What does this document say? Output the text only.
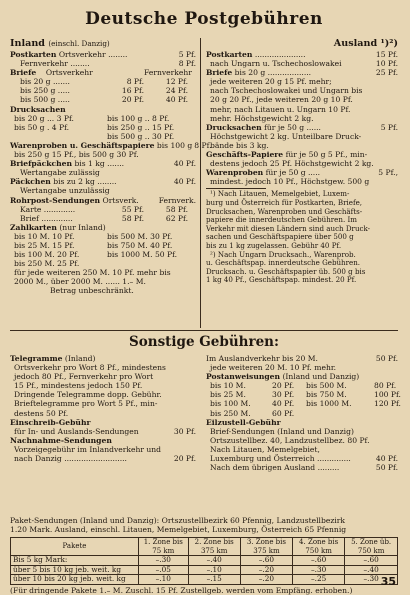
Deutsche Postgebühren
Inland (einschl. Danzig)
Postkarten Ortsverkehr ........	5 Pf.
Fernverkehr ........	8 Pf.
Briefe Ortsverkehr	Fernverkehr
bis 20 g .......	8 Pf.	12 Pf.
bis 250 g .....	16 Pf.	24 Pf.
bis 500 g .....	20 Pf.	40 Pf.
Drucksachen
bis 20 g ... 3 Pf.	bis 100 g .. 8 Pf.
bis 50 g . 4 Pf.	bis 250 g .. 15 Pf.
bis 500 g .. 30 Pf.
Warenproben u. Geschäftspapiere bis 100 g 8 Pf.
bis 250 g 15 Pf., bis 500 g 30 Pf.
Briefpäckchen bis 1 kg .......	40 Pf.
Wertangabe zulässig
Päckchen bis zu 2 kg ........	40 Pf.
Wertangabe unzulässig
Rohrpost-Sendungen Ortsverk.	Fernverk.
Karte .............	55 Pf.	58 Pf.
Brief .............	58 Pf.	62 Pf.
Zahlkarten (nur Inland)
bis 10 M. 10 Pf.	bis 500 M. 30 Pf.
bis 25 M. 15 Pf.	bis 750 M. 40 Pf.
bis 100 M. 20 Pf.	bis 1000 M. 50 Pf.
bis 250 M. 25 Pf.
für jede weiteren 250 M. 10 Pf. mehr bis
2000 M., über 2000 M. ...... 1.– M.
Betrag unbeschränkt.
Ausland ¹)²)
Postkarten .....................	15 Pf.
nach Ungarn u. Tschechoslowakei	10 Pf.
Briefe bis 20 g ..................	25 Pf.
jede weiteren 20 g 15 Pf. mehr;
nach Tschechoslowakei und Ungarn bis
20 g 20 Pf., jede weiteren 20 g 10 Pf.
mehr, nach Litauen u. Ungarn 10 Pf.
mehr. Höchstgewicht 2 kg.
Drucksachen für je 50 g ......	5 Pf.
Höchstgewicht 2 kg. Unteilbare Druck-
bände bis 3 kg.
Geschäfts-Papiere für je 50 g 5 Pf., min-
destens jedoch 25 Pf. Höchstgewicht 2 kg.
Warenproben für je 50 g .....	5 Pf.,
mindest. jedoch 10 Pf., Höchstgew. 500 g
¹) Nach Litauen, Memelgebiet, Luxem-
burg und Österreich für Postkarten, Briefe,
Drucksachen, Warenproben und Geschäfts-
papiere die innerdeutschen Gebühren. Im
Verkehr mit diesen Ländern sind auch Druck-
sachen und Geschäftspapiere über 500 g
bis zu 1 kg zugelassen. Gebühr 40 Pf.
²) Nach Ungarn Drucksach., Warenprob.
u. Geschäftspap. innerdeutsche Gebühren.
Drucksach. u. Geschäftspapier üb. 500 g bis
1 kg 40 Pf., Geschäftspap. mindest. 20 Pf.
Sonstige Gebühren:
Telegramme (Inland)
Ortsverkehr pro Wort 8 Pf., mindestens
jedoch 80 Pf., Fernverkehr pro Wort
15 Pf., mindestens jedoch 150 Pf.
Dringende Telegramme dopp. Gebühr.
Brieftelegramme pro Wort 5 Pf., min-
destens 50 Pf.
Einschreib-Gebühr
für In- und Auslands-Sendungen	30 Pf.
Nachnahme-Sendungen
Vorzeigegebühr im Inlandverkehr und
nach Danzig ..........................	20 Pf.
Im Auslandverkehr bis 20 M.	50 Pf.
jede weiteren 20 M. 10 Pf. mehr.
Postanweisungen (Inland und Danzig)
bis 10 M.	20 Pf.	bis 500 M.	80 Pf.
bis 25 M.	30 Pf.	bis 750 M.	100 Pf.
bis 100 M.	40 Pf.	bis 1000 M.	120 Pf.
bis 250 M.	60 Pf.
Eilzustell-Gebühr
Brief-Sendungen (Inland und Danzig)
Ortszustellbez. 40, Landzustellbez. 80 Pf.
Nach Litauen, Memelgebiet,
Luxemburg und Österreich ..............	40 Pf.
Nach dem übrigen Ausland .........	50 Pf.
Paket-Sendungen (Inland und Danzig): Ortszustellbezirk 60 Pfennig, Landzustellbezirk
1.20 Mark. Ausland, einschl. Litauen, Memelgebiet, Luxemburg, Österreich 65 Pfennig
Pakete	1. Zone bis 75 km	2. Zone bis 375 km	3. Zone bis 375 km	4. Zone bis 750 km	5. Zone üb. 750 km
Bis 5 kg Mark:	–.30	–.40	–.60	–.60	–.60
über 5 bis 10 kg jeb. weit. kg	–.05	–.10	–.20	–.30	–.40
über 10 bis 20 kg jeb. weit. kg	–.10	–.15	–.20	–.25	–.30
(Für dringende Pakete 1.– M. Zuschl. 15 Pf. Zustellgeb. werden vom Empfäng. erhoben.)
35
